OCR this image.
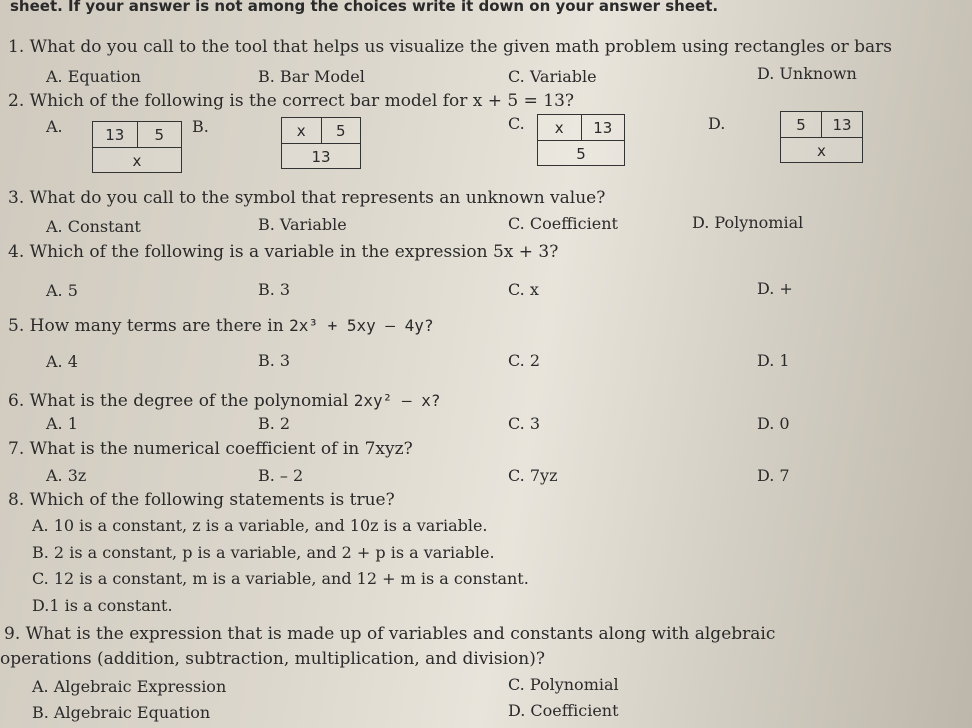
sheet. If your answer is not among the choices write it down on your answer sheet.
1. What do you call to the tool that helps us visualize the given math problem using rectangles or bars
A. Equation	B. Bar Model	C. Variable	D. Unknown
2. Which of the following is the correct bar model for x + 5 = 13?
A.	13	5
x
B.	x	5
13
C.	x	13
5
D.	5	13
x
3. What do you call to the symbol that represents an unknown value?
A. Constant	B. Variable	C. Coefficient	D. Polynomial
4. Which of the following is a variable in the expression 5x + 3?
A. 5	B. 3	C. x	D. +
5. How many terms are there in 2x³ + 5xy – 4y?
A. 4	B. 3	C. 2	D. 1
6. What is the degree of the polynomial 2xy² – x?
A. 1	B. 2	C. 3	D. 0
7. What is the numerical coefficient of in 7xyz?
A. 3z	B. – 2	C. 7yz	D. 7
8. Which of the following statements is true?
A. 10 is a constant, z is a variable, and 10z is a variable.
B. 2 is a constant, p is a variable, and 2 + p is a variable.
C. 12 is a constant, m is a variable, and 12 + m is a constant.
D.1 is a constant.
9. What is the expression that is made up of variables and constants along with algebraic
operations (addition, subtraction, multiplication, and division)?
A. Algebraic Expression	C. Polynomial
B. Algebraic Equation	D. Coefficient
